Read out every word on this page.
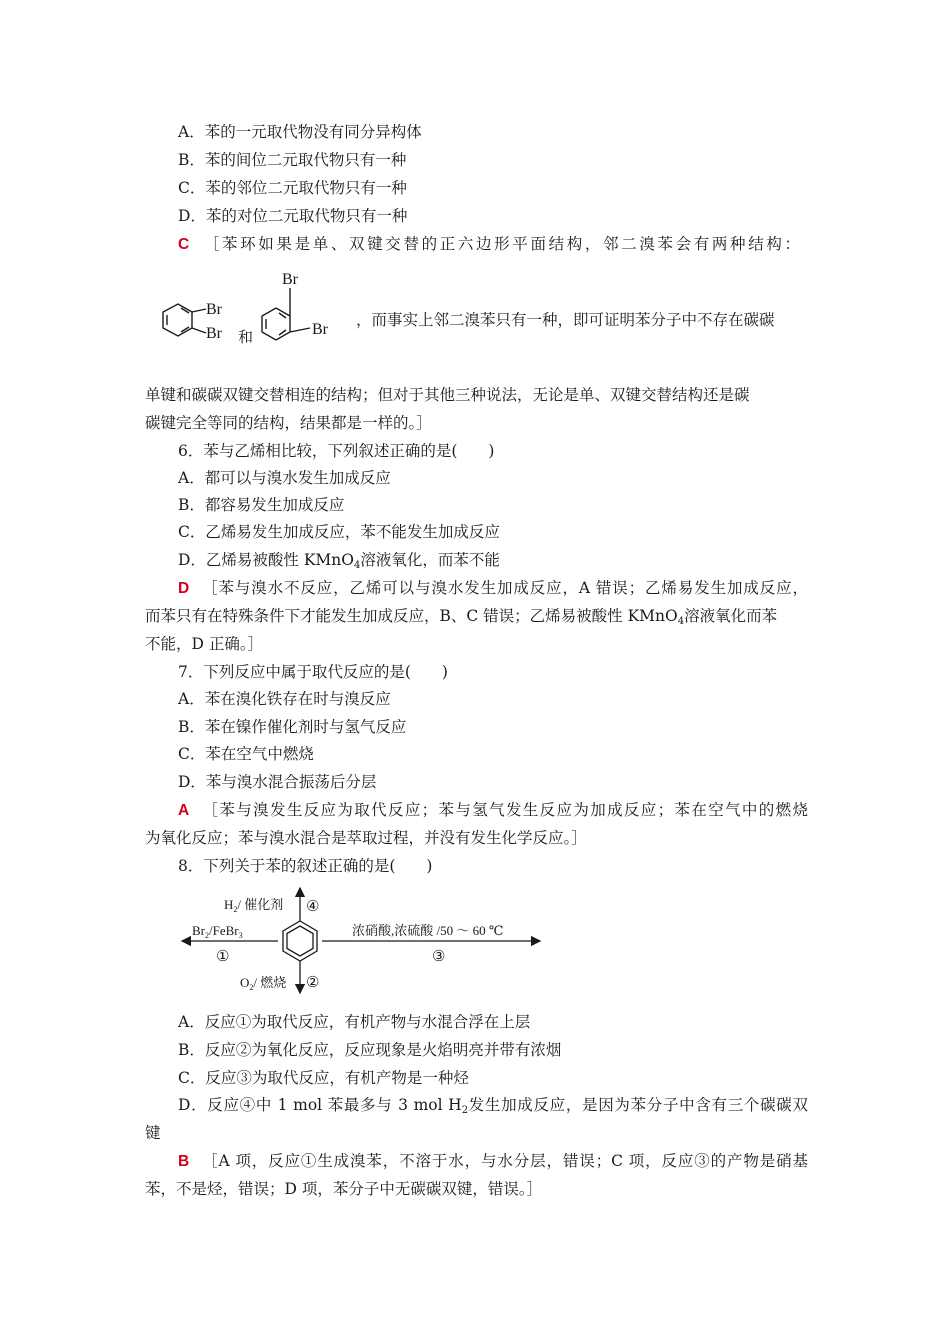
A．苯的一元取代物没有同分异构体
B．苯的间位二元取代物只有一种
C．苯的邻位二元取代物只有一种
D．苯的对位二元取代物只有一种
C ［苯环如果是单、双键交替的正六边形平面结构，邻二溴苯会有两种结构：
Br
Br 和
Br
Br
，而事实上邻二溴苯只有一种，即可证明苯分子中不存在碳碳
单键和碳碳双键交替相连的结构；但对于其他三种说法，无论是单、双键交替结构还是碳
碳键完全等同的结构，结果都是一样的。］
6．苯与乙烯相比较，下列叙述正确的是(　　)
A．都可以与溴水发生加成反应
B．都容易发生加成反应
C．乙烯易发生加成反应，苯不能发生加成反应
D．乙烯易被酸性 KMnO$_4$溶液氧化，而苯不能
D ［苯与溴水不反应，乙烯可以与溴水发生加成反应，A 错误；乙烯易发生加成反应，
而苯只有在特殊条件下才能发生加成反应，B、C 错误；乙烯易被酸性 KMnO$_4$溶液氧化而苯
不能，D 正确。］
7．下列反应中属于取代反应的是(　　)
A．苯在溴化铁存在时与溴反应
B．苯在镍作催化剂时与氢气反应
C．苯在空气中燃烧
D．苯与溴水混合振荡后分层
A ［苯与溴发生反应为取代反应；苯与氢气发生反应为加成反应；苯在空气中的燃烧
为氧化反应；苯与溴水混合是萃取过程，并没有发生化学反应。］
8．下列关于苯的叙述正确的是(　　)
$H_2/$ 催化剂 ④
$Br_2/FeBr_3$
①
$O_2/$ 燃烧 ②
浓硝酸,浓硫酸 /50 ～ 60 ℃
③
A．反应①为取代反应，有机产物与水混合浮在上层
B．反应②为氧化反应，反应现象是火焰明亮并带有浓烟
C．反应③为取代反应，有机产物是一种烃
D．反应④中 1 mol 苯最多与 3 mol $H_2$发生加成反应，是因为苯分子中含有三个碳碳双
键
B ［A 项，反应①生成溴苯，不溶于水，与水分层，错误；C 项，反应③的产物是硝基
苯，不是烃，错误；D 项，苯分子中无碳碳双键，错误。］
